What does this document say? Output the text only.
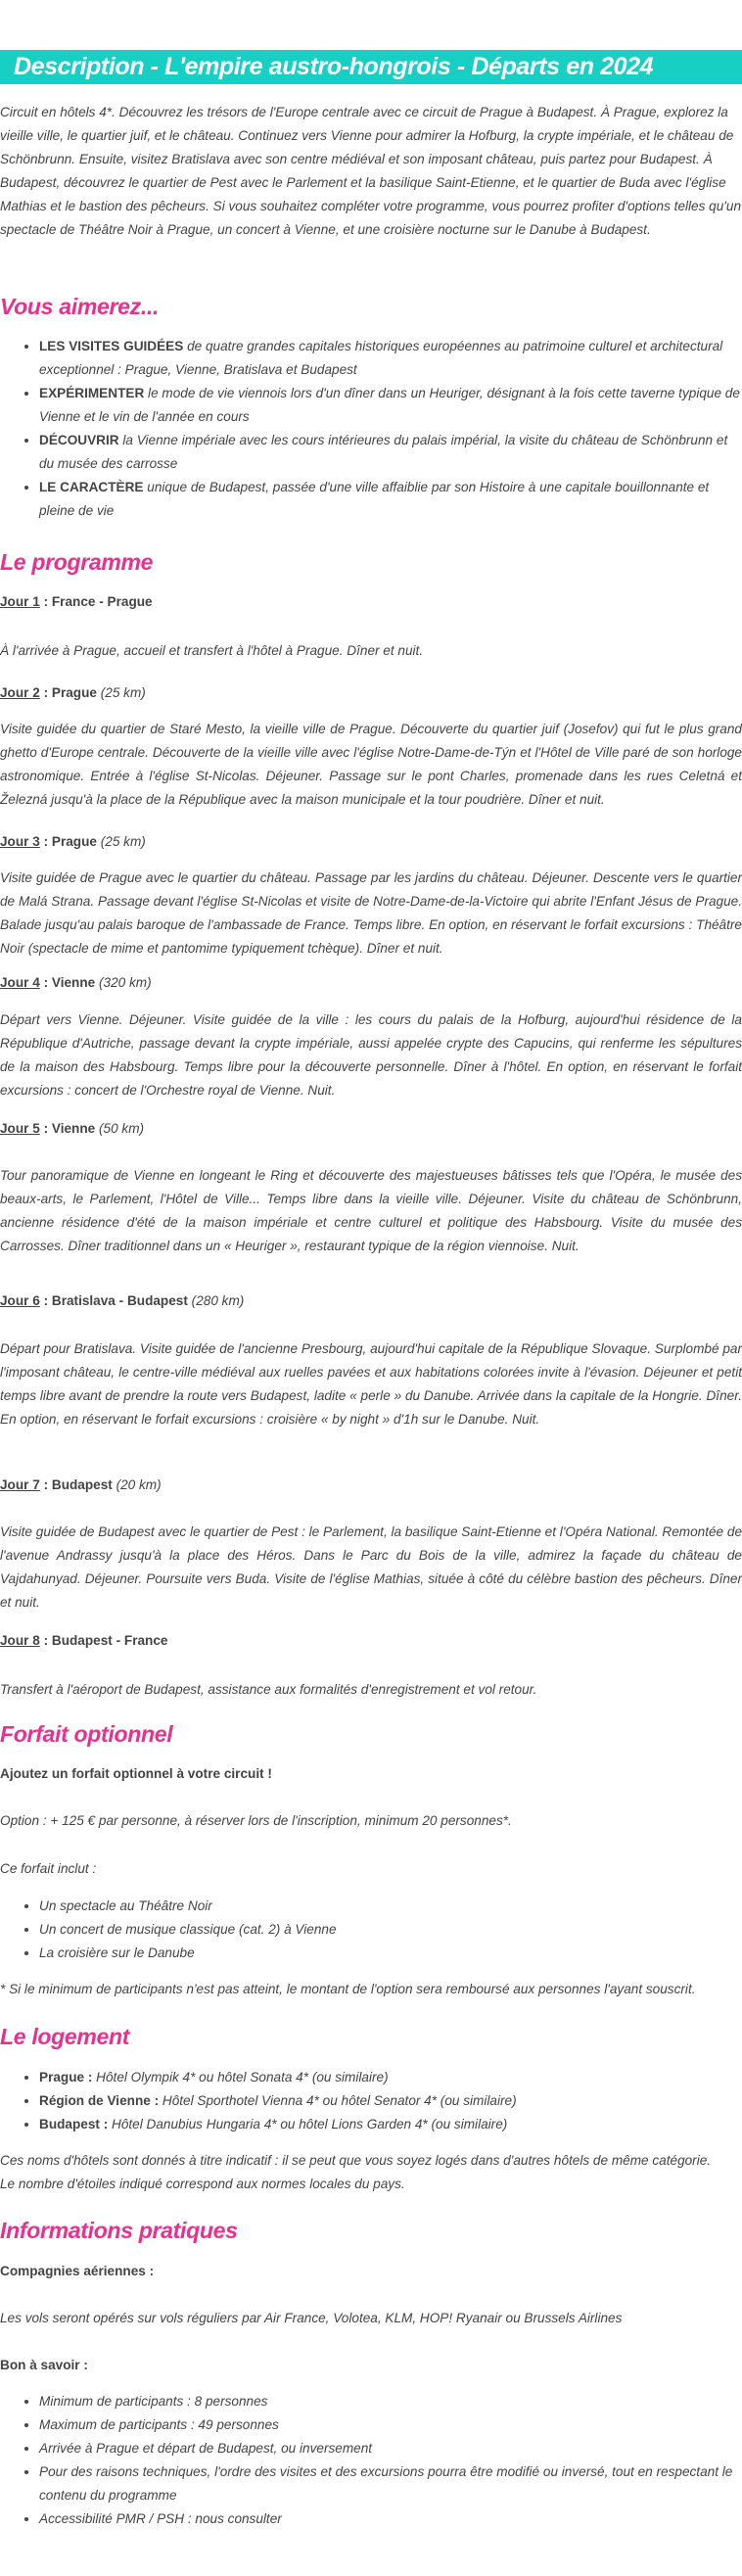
Description - L'empire austro-hongrois - Départs en 2024
Circuit en hôtels 4*. Découvrez les trésors de l'Europe centrale avec ce circuit de Prague à Budapest. À Prague, explorez la vieille ville, le quartier juif, et le château. Continuez vers Vienne pour admirer la Hofburg, la crypte impériale, et le château de Schönbrunn. Ensuite, visitez Bratislava avec son centre médiéval et son imposant château, puis partez pour Budapest. À Budapest, découvrez le quartier de Pest avec le Parlement et la basilique Saint-Etienne, et le quartier de Buda avec l'église Mathias et le bastion des pêcheurs. Si vous souhaitez compléter votre programme, vous pourrez profiter d'options telles qu'un spectacle de Théâtre Noir à Prague, un concert à Vienne, et une croisière nocturne sur le Danube à Budapest.
Vous aimerez...
• LES VISITES GUIDÉES de quatre grandes capitales historiques européennes au patrimoine culturel et architectural exceptionnel : Prague, Vienne, Bratislava et Budapest
• EXPÉRIMENTER le mode de vie viennois lors d'un dîner dans un Heuriger, désignant à la fois cette taverne typique de Vienne et le vin de l'année en cours
• DÉCOUVRIR la Vienne impériale avec les cours intérieures du palais impérial, la visite du château de Schönbrunn et du musée des carrosse
• LE CARACTÈRE unique de Budapest, passée d'une ville affaiblie par son Histoire à une capitale bouillonnante et pleine de vie
Le programme
Jour 1 : France - Prague
À l'arrivée à Prague, accueil et transfert à l'hôtel à Prague. Dîner et nuit.
Jour 2 : Prague (25 km)
Visite guidée du quartier de Staré Mesto, la vieille ville de Prague. Découverte du quartier juif (Josefov) qui fut le plus grand ghetto d'Europe centrale. Découverte de la vieille ville avec l'église Notre-Dame-de-Týn et l'Hôtel de Ville paré de son horloge astronomique. Entrée à l'église St-Nicolas. Déjeuner. Passage sur le pont Charles, promenade dans les rues Celetná et Železná jusqu'à la place de la République avec la maison municipale et la tour poudrière. Dîner et nuit.
Jour 3 : Prague (25 km)
Visite guidée de Prague avec le quartier du château. Passage par les jardins du château. Déjeuner. Descente vers le quartier de Malá Strana. Passage devant l'église St-Nicolas et visite de Notre-Dame-de-la-Victoire qui abrite l'Enfant Jésus de Prague. Balade jusqu'au palais baroque de l'ambassade de France. Temps libre. En option, en réservant le forfait excursions : Théâtre Noir (spectacle de mime et pantomime typiquement tchèque). Dîner et nuit.
Jour 4 : Vienne (320 km)
Départ vers Vienne. Déjeuner. Visite guidée de la ville : les cours du palais de la Hofburg, aujourd'hui résidence de la République d'Autriche, passage devant la crypte impériale, aussi appelée crypte des Capucins, qui renferme les sépultures de la maison des Habsbourg. Temps libre pour la découverte personnelle. Dîner à l'hôtel. En option, en réservant le forfait excursions : concert de l'Orchestre royal de Vienne. Nuit.
Jour 5 : Vienne (50 km)
Tour panoramique de Vienne en longeant le Ring et découverte des majestueuses bâtisses tels que l'Opéra, le musée des beaux-arts, le Parlement, l'Hôtel de Ville... Temps libre dans la vieille ville. Déjeuner. Visite du château de Schönbrunn, ancienne résidence d'été de la maison impériale et centre culturel et politique des Habsbourg. Visite du musée des Carrosses. Dîner traditionnel dans un « Heuriger », restaurant typique de la région viennoise. Nuit.
Jour 6 : Bratislava - Budapest (280 km)
Départ pour Bratislava. Visite guidée de l'ancienne Presbourg, aujourd'hui capitale de la République Slovaque. Surplombé par l'imposant château, le centre-ville médiéval aux ruelles pavées et aux habitations colorées invite à l'évasion. Déjeuner et petit temps libre avant de prendre la route vers Budapest, ladite « perle » du Danube. Arrivée dans la capitale de la Hongrie. Dîner. En option, en réservant le forfait excursions : croisière « by night » d'1h sur le Danube. Nuit.
Jour 7 : Budapest (20 km)
Visite guidée de Budapest avec le quartier de Pest : le Parlement, la basilique Saint-Etienne et l'Opéra National. Remontée de l'avenue Andrassy jusqu'à la place des Héros. Dans le Parc du Bois de la ville, admirez la façade du château de Vajdahunyad. Déjeuner. Poursuite vers Buda. Visite de l'église Mathias, située à côté du célèbre bastion des pêcheurs. Dîner et nuit.
Jour 8 : Budapest - France
Transfert à l'aéroport de Budapest, assistance aux formalités d'enregistrement et vol retour.
Forfait optionnel
Ajoutez un forfait optionnel à votre circuit !
Option : + 125 € par personne, à réserver lors de l'inscription, minimum 20 personnes*.
Ce forfait inclut :
• Un spectacle au Théâtre Noir
• Un concert de musique classique (cat. 2) à Vienne
• La croisière sur le Danube
* Si le minimum de participants n'est pas atteint, le montant de l'option sera remboursé aux personnes l'ayant souscrit.
Le logement
• Prague : Hôtel Olympik 4* ou hôtel Sonata 4* (ou similaire)
• Région de Vienne : Hôtel Sporthotel Vienna 4* ou hôtel Senator 4* (ou similaire)
• Budapest : Hôtel Danubius Hungaria 4* ou hôtel Lions Garden 4* (ou similaire)
Ces noms d'hôtels sont donnés à titre indicatif : il se peut que vous soyez logés dans d'autres hôtels de même catégorie.
Le nombre d'étoiles indiqué correspond aux normes locales du pays.
Informations pratiques
Compagnies aériennes :
Les vols seront opérés sur vols réguliers par Air France, Volotea, KLM, HOP! Ryanair ou Brussels Airlines
Bon à savoir :
• Minimum de participants : 8 personnes
• Maximum de participants : 49 personnes
• Arrivée à Prague et départ de Budapest, ou inversement
• Pour des raisons techniques, l'ordre des visites et des excursions pourra être modifié ou inversé, tout en respectant le contenu du programme
• Accessibilité PMR / PSH : nous consulter
